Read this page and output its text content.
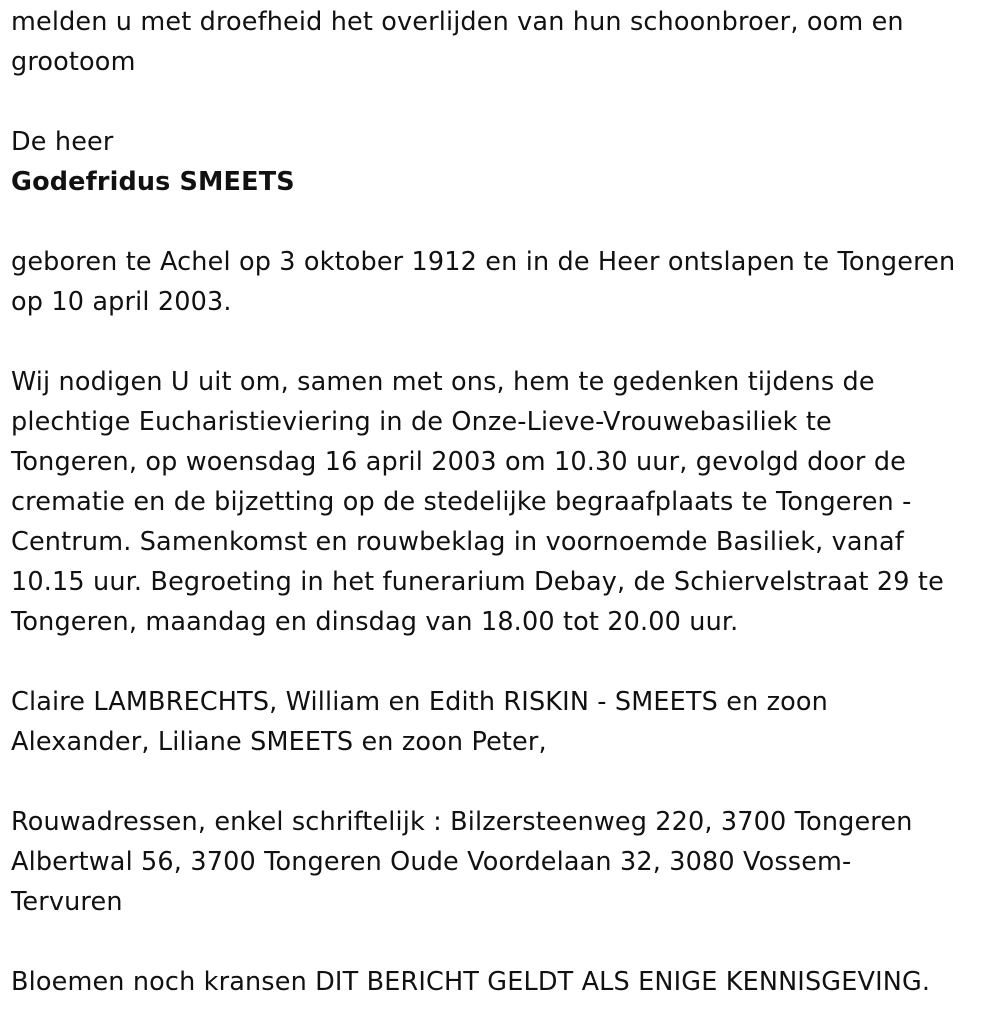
melden u met droefheid het overlijden van hun schoonbroer, oom en
grootoom

De heer

Godefridus SMEETS

geboren te Achel op 3 oktober 1912 en in de Heer ontslapen te Tongeren
op 10 april 2003.

Wij nodigen U uit om, samen met ons, hem te gedenken tijdens de
plechtige Eucharistieviering in de Onze-Lieve-Vrouwebasiliek te
Tongeren, op woensdag 16 april 2003 om 10.30 uur, gevolgd door de
crematie en de bijzetting op de stedelijke begraafplaats te Tongeren -
Centrum. Samenkomst en rouwbeklag in voornoemde Basiliek, vanaf
10.15 uur. Begroeting in het funerarium Debay, de Schiervelstraat 29 te
Tongeren, maandag en dinsdag van 18.00 tot 20.00 uur.

Claire LAMBRECHTS, William en Edith RISKIN - SMEETS en zoon
Alexander, Liliane SMEETS en zoon Peter,

Rouwadressen, enkel schriftelijk : Bilzersteenweg 220, 3700 Tongeren
Albertwal 56, 3700 Tongeren Oude Voordelaan 32, 3080 Vossem-
Tervuren

Bloemen noch kransen DIT BERICHT GELDT ALS ENIGE KENNISGEVING.
